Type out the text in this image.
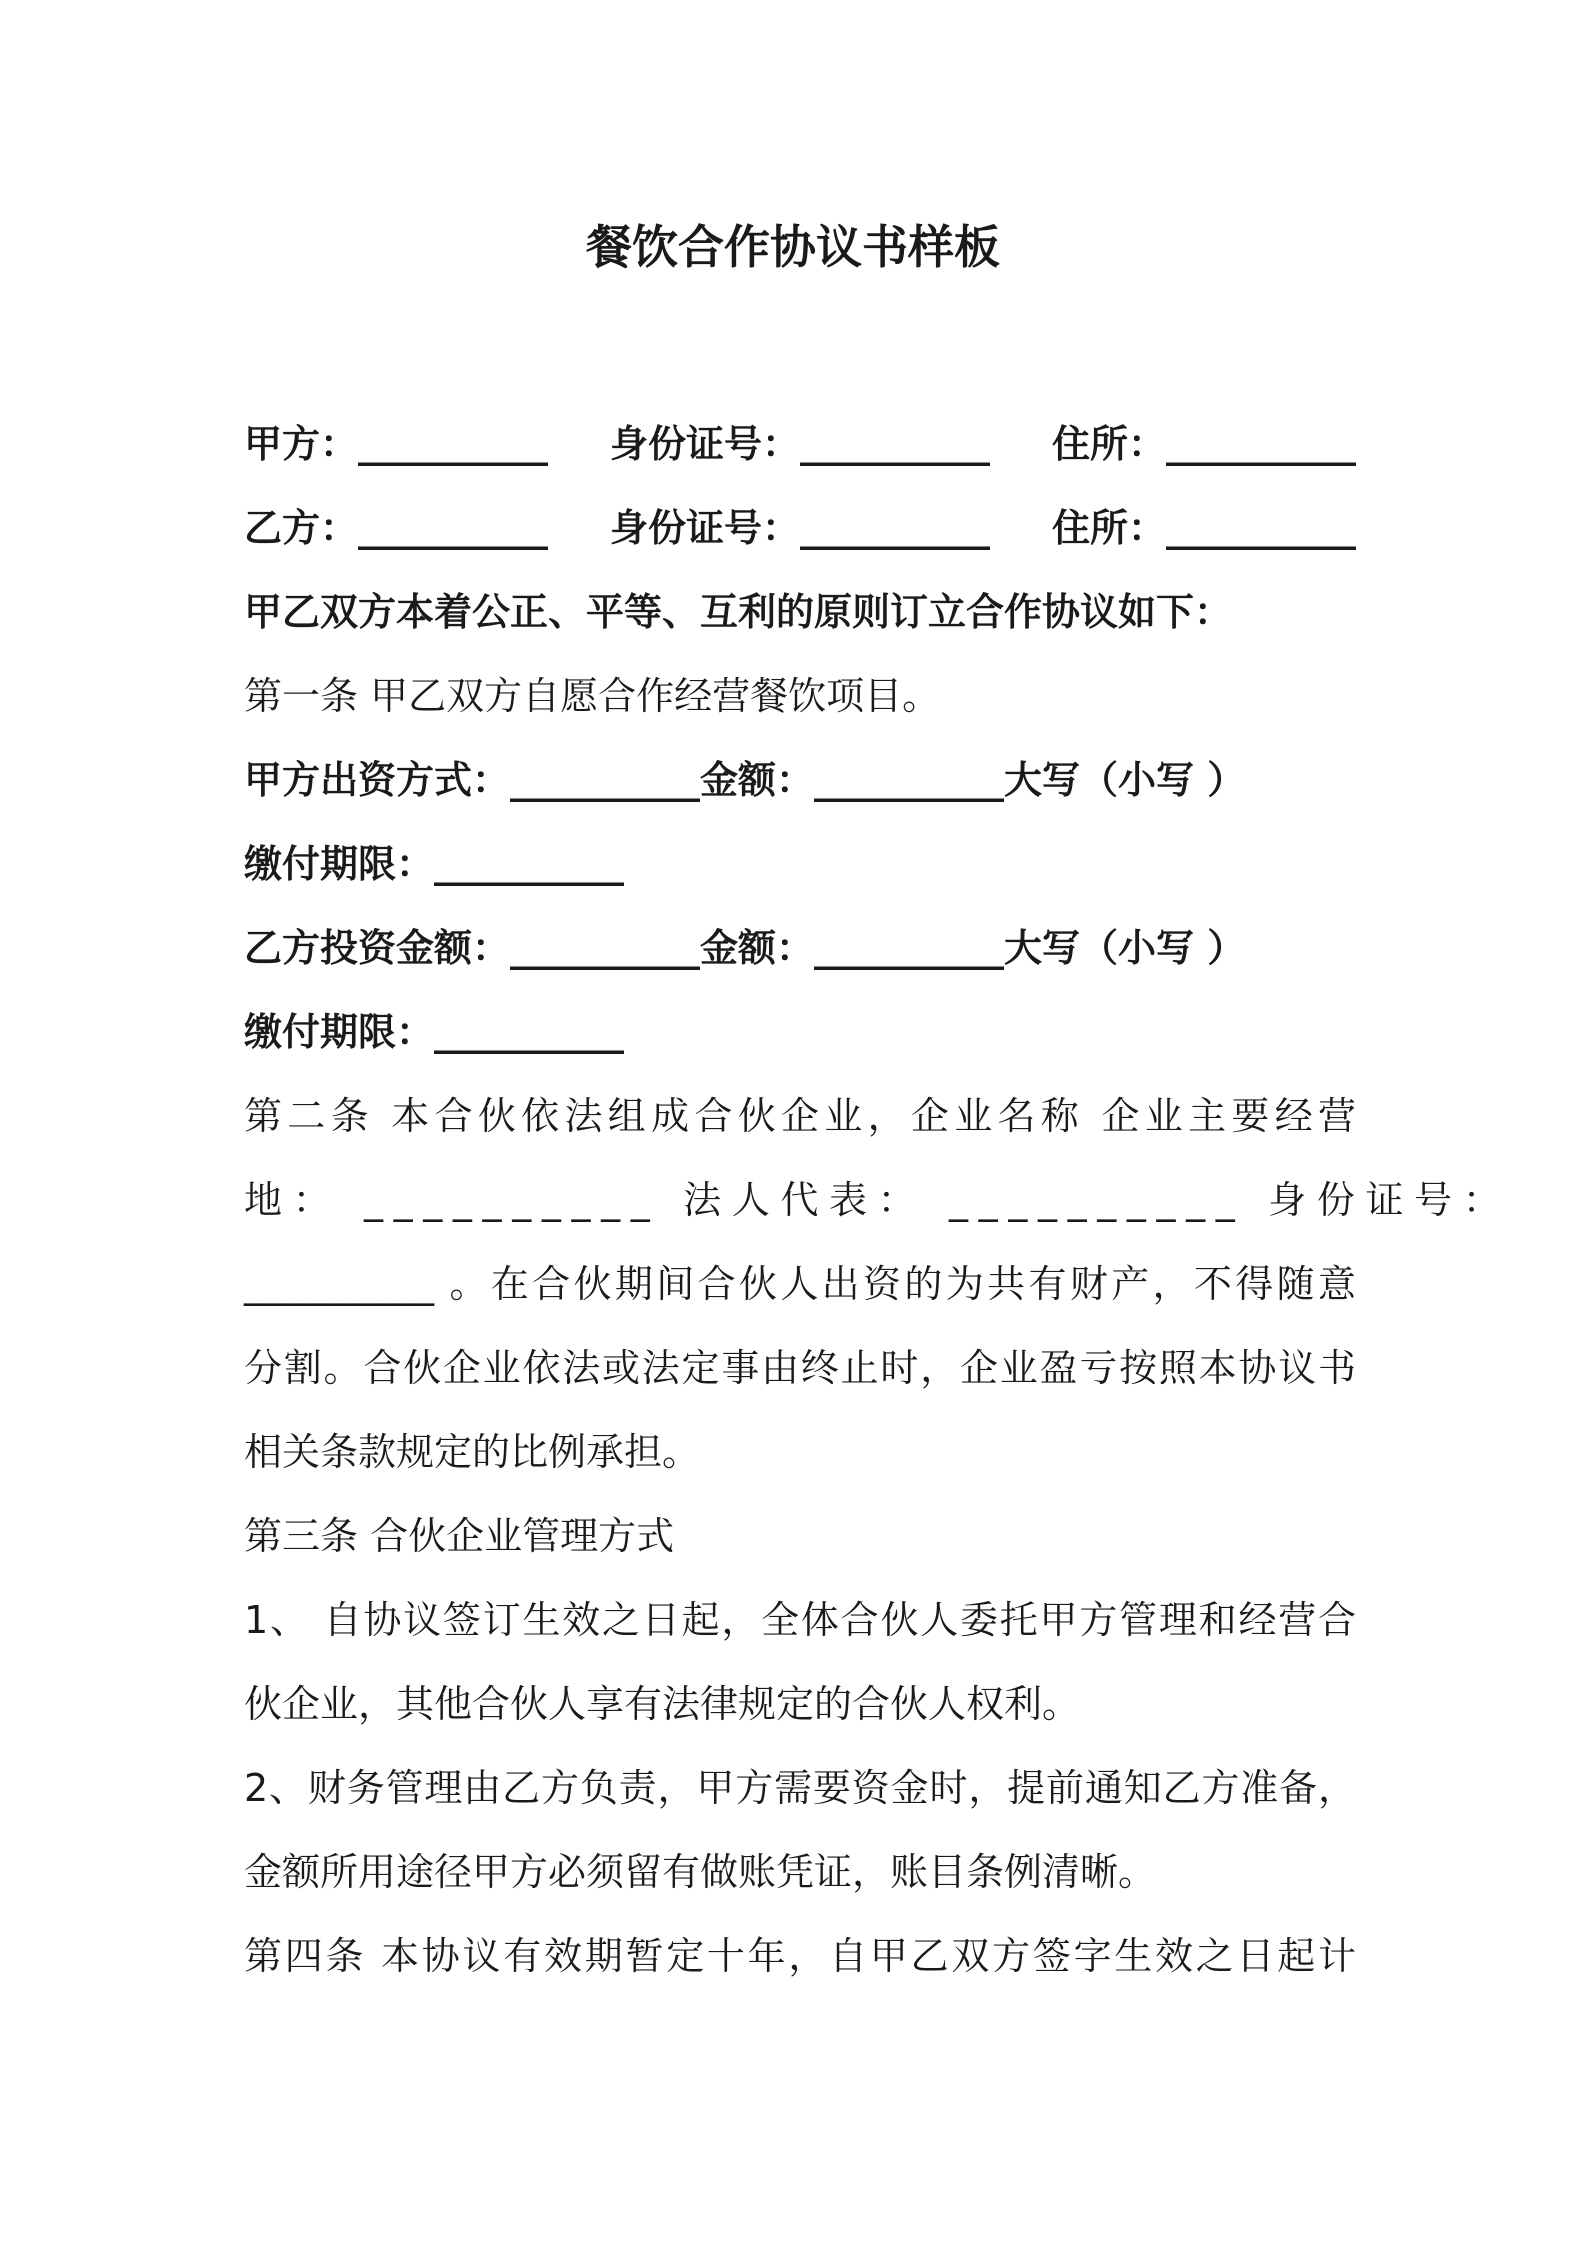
餐饮合作协议书样板
甲方：__________ 身份证号：__________ 住所：__________
乙方：__________ 身份证号：__________ 住所：__________
甲乙双方本着公正、平等、互利的原则订立合作协议如下：
第一条 甲乙双方自愿合作经营餐饮项目。
甲方出资方式：__________金额：__________大写（小写 ）
缴付期限：__________
乙方投资金额：__________金额：__________大写（小写 ）
缴付期限：__________
第二条 本合伙依法组成合伙企业，企业名称 企业主要经营
地： __________ 法人代表： __________ 身份证号：
__________ 。在合伙期间合伙人出资的为共有财产，不得随意
分割。合伙企业依法或法定事由终止时，企业盈亏按照本协议书
相关条款规定的比例承担。
第三条 合伙企业管理方式
1、 自协议签订生效之日起，全体合伙人委托甲方管理和经营合
伙企业，其他合伙人享有法律规定的合伙人权利。
2、财务管理由乙方负责，甲方需要资金时，提前通知乙方准备，
金额所用途径甲方必须留有做账凭证，账目条例清晰。
第四条 本协议有效期暂定十年，自甲乙双方签字生效之日起计
